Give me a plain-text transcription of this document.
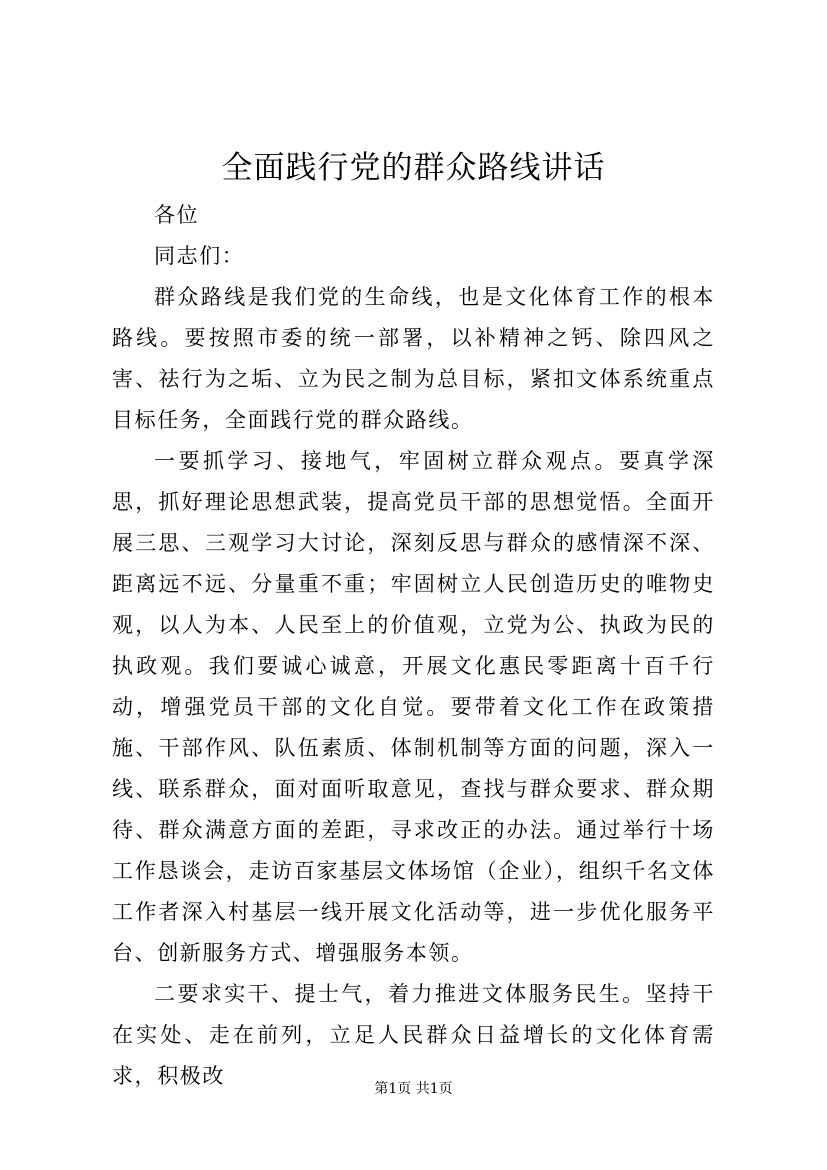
全面践行党的群众路线讲话

各位

同志们：

群众路线是我们党的生命线，也是文化体育工作的根本路线。要按照市委的统一部署，以补精神之钙、除四风之害、祛行为之垢、立为民之制为总目标，紧扣文体系统重点目标任务，全面践行党的群众路线。

一要抓学习、接地气，牢固树立群众观点。要真学深思，抓好理论思想武装，提高党员干部的思想觉悟。全面开展三思、三观学习大讨论，深刻反思与群众的感情深不深、距离远不远、分量重不重；牢固树立人民创造历史的唯物史观，以人为本、人民至上的价值观，立党为公、执政为民的执政观。我们要诚心诚意，开展文化惠民零距离十百千行动，增强党员干部的文化自觉。要带着文化工作在政策措施、干部作风、队伍素质、体制机制等方面的问题，深入一线、联系群众，面对面听取意见，查找与群众要求、群众期待、群众满意方面的差距，寻求改正的办法。通过举行十场工作恳谈会，走访百家基层文体场馆（企业），组织千名文体工作者深入村基层一线开展文化活动等，进一步优化服务平台、创新服务方式、增强服务本领。

二要求实干、提士气，着力推进文体服务民生。坚持干在实处、走在前列，立足人民群众日益增长的文化体育需求，积极改

第1页 共1页
